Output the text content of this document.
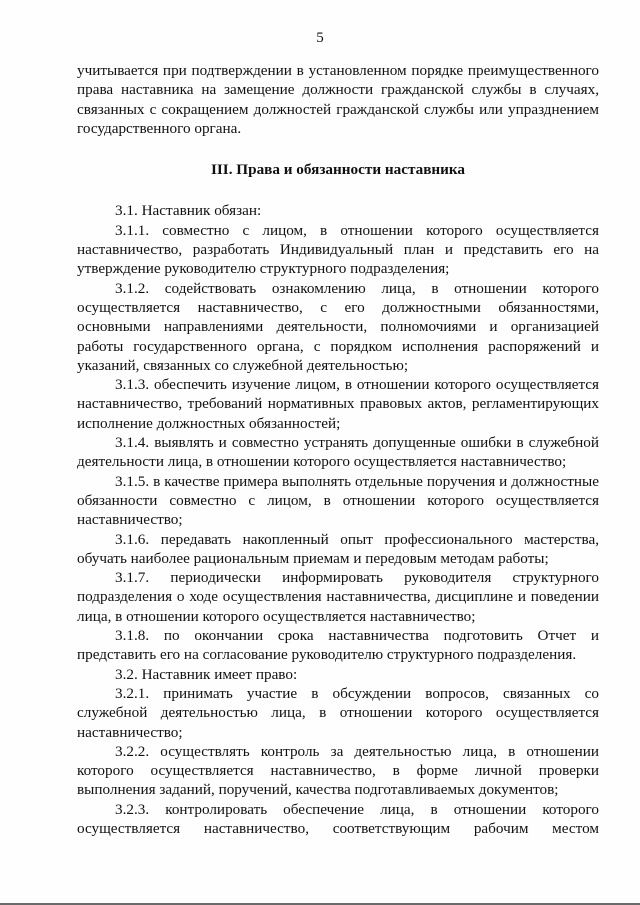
5

учитывается при подтверждении в установленном порядке преимущественного права наставника на замещение должности гражданской службы в случаях, связанных с сокращением должностей гражданской службы или упразднением государственного органа.

III. Права и обязанности наставника

3.1. Наставник обязан:

3.1.1. совместно с лицом, в отношении которого осуществляется наставничество, разработать Индивидуальный план и представить его на утверждение руководителю структурного подразделения;

3.1.2. содействовать ознакомлению лица, в отношении которого осуществляется наставничество, с его должностными обязанностями, основными направлениями деятельности, полномочиями и организацией работы государственного органа, с порядком исполнения распоряжений и указаний, связанных со служебной деятельностью;

3.1.3. обеспечить изучение лицом, в отношении которого осуществляется наставничество, требований нормативных правовых актов, регламентирующих исполнение должностных обязанностей;

3.1.4. выявлять и совместно устранять допущенные ошибки в служебной деятельности лица, в отношении которого осуществляется наставничество;

3.1.5. в качестве примера выполнять отдельные поручения и должностные обязанности совместно с лицом, в отношении которого осуществляется наставничество;

3.1.6. передавать накопленный опыт профессионального мастерства, обучать наиболее рациональным приемам и передовым методам работы;

3.1.7. периодически информировать руководителя структурного подразделения о ходе осуществления наставничества, дисциплине и поведении лица, в отношении которого осуществляется наставничество;

3.1.8. по окончании срока наставничества подготовить Отчет и представить его на согласование руководителю структурного подразделения.

3.2. Наставник имеет право:

3.2.1. принимать участие в обсуждении вопросов, связанных со служебной деятельностью лица, в отношении которого осуществляется наставничество;

3.2.2. осуществлять контроль за деятельностью лица, в отношении которого осуществляется наставничество, в форме личной проверки выполнения заданий, поручений, качества подготавливаемых документов;

3.2.3. контролировать обеспечение лица, в отношении которого осуществляется наставничество, соответствующим рабочим местом
